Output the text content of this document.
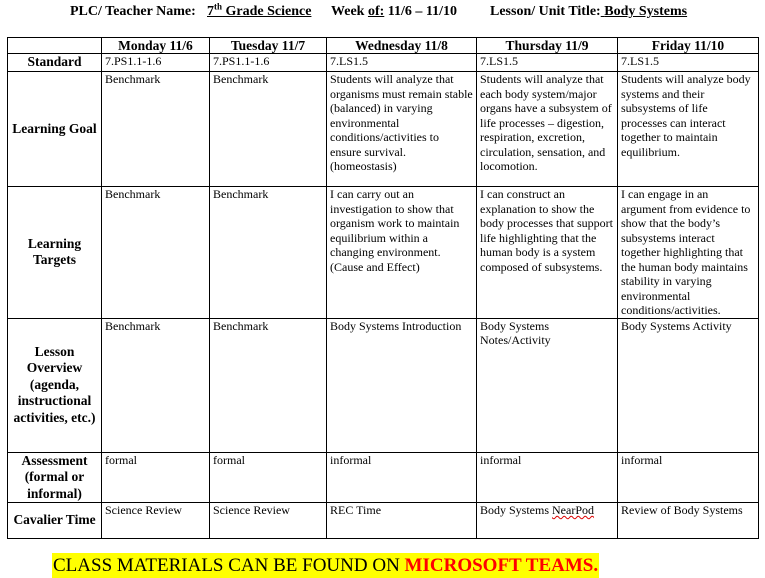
PLC/ Teacher Name: 7th Grade Science Week of: 11/6 – 11/10 Lesson/ Unit Title: Body Systems
	Monday 11/6	Tuesday 11/7	Wednesday 11/8	Thursday 11/9	Friday 11/10
Standard	7.PS1.1-1.6	7.PS1.1-1.6	7.LS1.5	7.LS1.5	7.LS1.5
Learning Goal	Benchmark	Benchmark	Students will analyze that organisms must remain stable (balanced) in varying environmental conditions/activities to ensure survival. (homeostasis)	Students will analyze that each body system/major organs have a subsystem of life processes – digestion, respiration, excretion, circulation, sensation, and locomotion.	Students will analyze body systems and their subsystems of life processes can interact together to maintain equilibrium.
Learning Targets	Benchmark	Benchmark	I can carry out an investigation to show that organism work to maintain equilibrium within a changing environment. (Cause and Effect)	I can construct an explanation to show the body processes that support life highlighting that the human body is a system composed of subsystems.	I can engage in an argument from evidence to show that the body’s subsystems interact together highlighting that the human body maintains stability in varying environmental conditions/activities.
Lesson Overview (agenda, instructional activities, etc.)	Benchmark	Benchmark	Body Systems Introduction	Body Systems Notes/Activity	Body Systems Activity
Assessment (formal or informal)	formal	formal	informal	informal	informal
Cavalier Time	Science Review	Science Review	REC Time	Body Systems NearPod	Review of Body Systems
CLASS MATERIALS CAN BE FOUND ON MICROSOFT TEAMS.
